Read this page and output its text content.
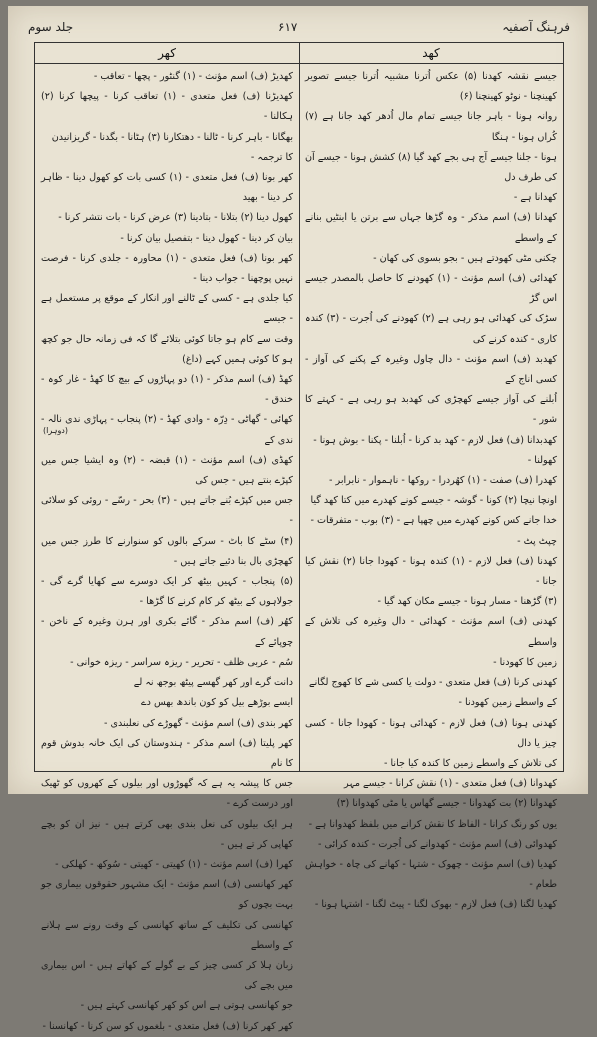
فرہنگ آصفیہ
۶۱۷
جلد سوم
کھد
کھر

جیسے نقشہ کھدنا (۵) عکس اُترنا مشبیہ اُترنا جیسے تصویر کھینچنا - نوٹو کھینچنا (۶)

روانہ ہونا - باہر جانا جیسے تمام مال اُدھر کھد جانا ہے (۷) کُراں ہونا - ہنگا

ہونا - جلنا جیسے آج ہی بجے کھد گیا (۸) کشش ہونا - جیسے آن کی طرف دل

کھدانا ہے -

کھدانا (ف) اسم مذکر - وہ گڑھا جہاں سے برتن یا اینٹیں بنانے کے واسطے

چکنی مٹی کھودتے ہیں - بجو بسوی کی کھان -

کھدائی (ف) اسم مؤنث - (۱) کھودنے کا حاصل بالمصدر جیسے اس گڑ

سڑک کی کھدائی ہو رہی ہے (۲) کھودنے کی اُجرت - (۳) کندہ کاری - کندہ کرنے کی

کھدبد (ف) اسم مؤنث - دال چاول وغیرہ کے پکنے کی آواز - کسی اناج کے

اُبلنے کی آواز جیسے کھچڑی کی کھدبد ہو رہی ہے - کہتے کا شور -

کھدبدانا (ف) فعل لازم - کھد بد کرنا - اُبلنا - پکنا - بوش ہونا -

کھولنا -

کھدرا (ف) صفت - (۱) کھُردرا - روکھا - ناہموار - نابرابر -

اونچا نیچا (۲) کونا - گوشہ - جیسے کونے کھدرے میں کتا کھد گیا

خدا جانے کس کونے کھدرے میں چھپا ہے - (۳) بوب - متفرقات -

چپٹ پٹ -

کھدنا (ف) فعل لازم - (۱) کندہ ہونا - کھودا جانا (۲) نقش کیا جانا -

(۳) گڑھنا - مسار ہونا - جیسے مکان کھد گیا -

کھدنی (ف) اسم مؤنث - کھدائی - دال وغیرہ کی تلاش کے واسطے

زمین کا کھودنا -

کھدنی کرنا (ف) فعل متعدی - دولت یا کسی شے کا کھوج لگانے

کے واسطے زمین کھودنا -

کھدنی ہونا (ف) فعل لازم - کھدائی ہونا - کھودا جانا - کسی چیز یا دال

کی تلاش کے واسطے زمین کا کندہ کیا جانا -

کھدوانا (ف) فعل متعدی - (۱) نقش کرانا - جیسے مہر

کھدوانا (۲) بت کھدوانا - جیسے گھاس یا مٹی کھدوانا (۳)

یوں کو رنگ کرانا - الفاظ کا نقش کرانے میں بلفظ کھدوانا ہے -

کھدوائی (ف) اسم مؤنث - کھدوانے کی اُجرت - کندہ کرائی -

کھدیا (ف) اسم مؤنث - چھوک - شتہا - کھانے کی چاہ - خواہش طعام -

کھدیا لگنا (ف) فعل لازم - بھوک لگنا - پیٹ لگنا - اشتہا ہونا -

کھدیڑ (ف) اسم مؤنث - (۱) گنٹور - پچھا - تعاقب -

کھدیڑنا (ف) فعل متعدی - (۱) تعاقب کرنا - پیچھا کرنا (۲) ہکالنا -

بھگانا - باہر کرنا - ٹالنا - دھتکارنا (۳) ہٹانا - بگدنا - گریزانیدن

کا ترجمہ -

کھر بونا (ف) فعل متعدی - (۱) کسی بات کو کھول دینا - ظاہر کر دینا - بھید

کھول دینا (۲) بتلانا - بتادینا (۳) عرض کرنا - بات نتشر کرنا -

بیان کر دینا - کھول دینا - بتفصیل بیان کرنا -

کھر بونا (ف) فعل متعدی - (۱) محاورہ - جلدی کرنا - فرصت نہیں پوچھنا - جواب دینا -

کیا جلدی ہے - کسی کے ٹالنے اور انکار کے موقع پر مستعمل ہے - جیسے

وقت سے کام ہو جاتا کوئی بتلائے گا کہ فی زمانہ حال جو کچھ ہو کا کوئی ہمیں کہے (داغ)

کھڈ (ف) اسم مذکر - (۱) دو پہاڑوں کے بیچ کا کھڈ - غار کوہ - خندق -

کھائی - گھاٹی - دِرّہ - وادی کھڈ - (۲) پنجاب - پہاڑی ندی نالہ - ندی کے

کھڈی (ف) اسم مؤنث - (۱) قبضہ - (۲) وہ ایشیا جس میں کپڑے بنتے ہیں - جس کی

جس میں کپڑے بُنے جاتے ہیں - (۳) بحر - رسّے - روئی کو سلائی -

(۴) سٹے کا باٹ - سرکے بالوں کو سنوارنے کا طرز جس میں کھچڑی بال بنا دئیے جاتے ہیں -

(۵) پنجاب - کہیں بیٹھ کر ایک دوسرے سے کھایا گرے گی - جولاہوں کے بیٹھ کر کام کرنے کا گڑھا -

کھُر (ف) اسم مذکر - گائے بکری اور ہرن وغیرہ کے ناخن - چوپائے کے

سُم - عربی ظلف - تحریر - ریزہ سراسر - ریزہ خوانی -

دانت گرے اور کھر گھسے پیٹھ بوجھ نہ لے

ایسے بوڑھے بیل کو کون باندھ بھس دے

کھر بندی (ف) اسم مؤنث - گھوڑے کی نعلبندی -

کھر پلیتا (ف) اسم مذکر - ہندوستان کی ایک خانہ بدوش قوم کا نام

جس کا پیشہ یہ ہے کہ گھوڑوں اور بیلوں کے کھروں کو ٹھیک اور درست کرے -

ہر ایک بیلوں کی نعل بندی بھی کرتے ہیں - نیز ان کو بچے کھاپی کر تے ہیں -

کھرا (ف) اسم مؤنث - (۱) کھیتی - کھیتی - سُوکھ - کھلکی -

کھر کھانسی (ف) اسم مؤنث - ایک مشہور حقوقوں بیماری جو بہت بچوں کو

کھانسی کی تکلیف کے ساتھ کھانسی کے وقت رونے سے ہلانے کے واسطے

زبان ہلا کر کسی چیز کے بے گولے کے کھاتے ہیں - اس بیماری میں بچے کی

جو کھانسی ہوتی ہے اس کو کھر کھانسی کہتے ہیں -

کھر کھر کرنا (ف) فعل متعدی - بلغموں کو سن کرنا - کھانسنا -

(دوہرا)
